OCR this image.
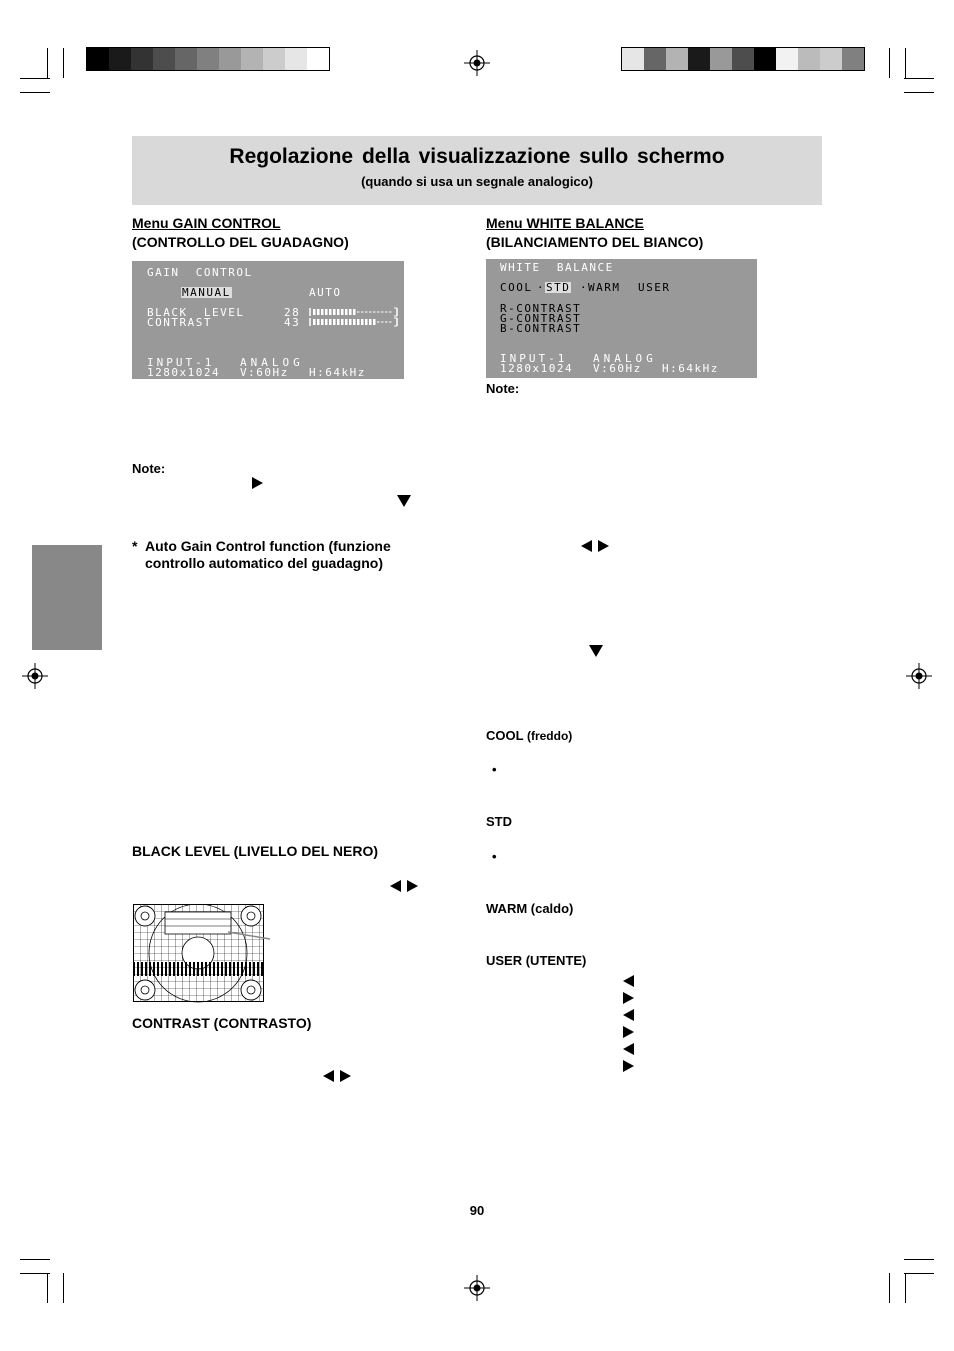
Regolazione della visualizzazione sullo schermo
(quando si usa un segnale analogico)
Menu GAIN CONTROL
(CONTROLLO DEL GUADAGNO)
GAIN  CONTROL
MANUAL	AUTO
BLACK  LEVEL	28
CONTRAST	43
INPUT-1 ANALOG
1280x1024 V:60Hz H:64kHz
Note:
* Auto Gain Control function (funzione controllo automatico del guadagno)
BLACK LEVEL (LIVELLO DEL NERO)
CONTRAST (CONTRASTO)
Menu WHITE BALANCE
(BILANCIAMENTO DEL BIANCO)
WHITE  BALANCE
COOL · STD · WARM USER
R-CONTRAST
G-CONTRAST
B-CONTRAST
INPUT-1 ANALOG
1280x1024 V:60Hz H:64kHz
Note:
COOL (freddo)
•
STD
•
WARM (caldo)
USER (UTENTE)
90
